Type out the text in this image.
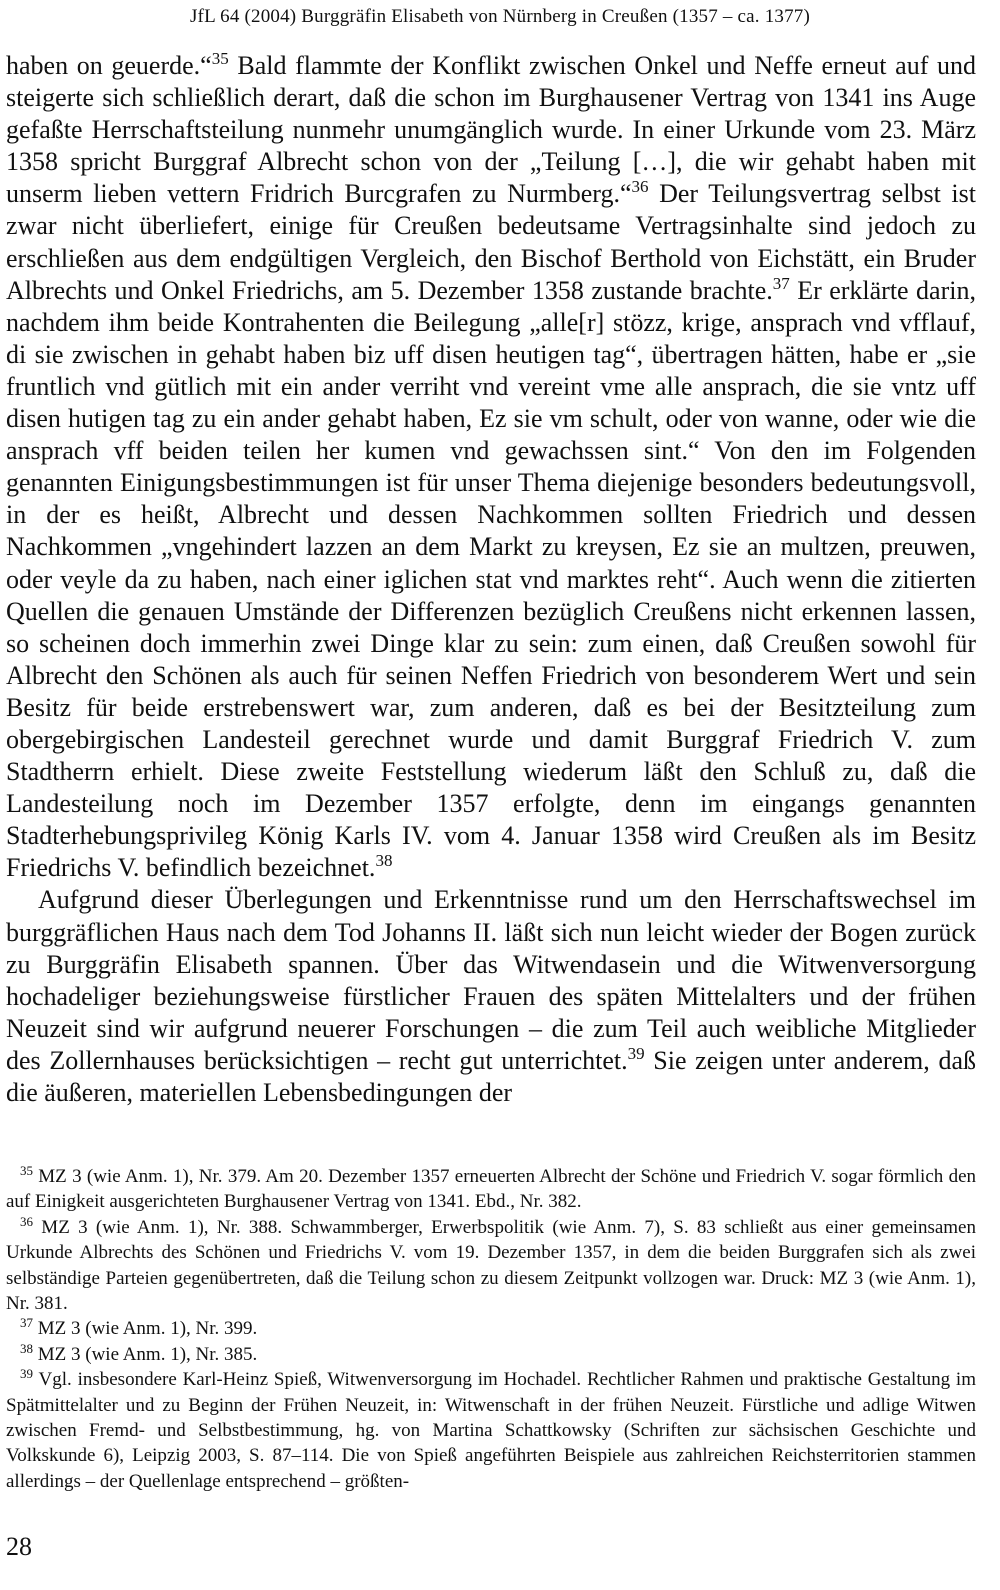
JfL 64 (2004) Burggräfin Elisabeth von Nürnberg in Creußen (1357 – ca. 1377)

haben on geuerde.“$^{35}$ Bald flammte der Konflikt zwischen Onkel und Neffe erneut auf und steigerte sich schließlich derart, daß die schon im Burghausener Vertrag von 1341 ins Auge gefaßte Herrschaftsteilung nunmehr unumgänglich wurde. In einer Urkunde vom 23. März 1358 spricht Burggraf Albrecht schon von der „Teilung […], die wir gehabt haben mit unserm lieben vettern Fridrich Burcgrafen zu Nurmberg.“$^{36}$ Der Teilungsvertrag selbst ist zwar nicht überliefert, einige für Creußen bedeutsame Vertragsinhalte sind jedoch zu erschließen aus dem endgültigen Vergleich, den Bischof Berthold von Eichstätt, ein Bruder Albrechts und Onkel Friedrichs, am 5. Dezember 1358 zustande brachte.$^{37}$ Er erklärte darin, nachdem ihm beide Kontrahenten die Beilegung „alle[r] stözz, krige, ansprach vnd vfflauf, di sie zwischen in gehabt haben biz uff disen heutigen tag“, übertragen hätten, habe er „sie fruntlich vnd gütlich mit ein ander verriht vnd vereint vme alle ansprach, die sie vntz uff disen hutigen tag zu ein ander gehabt haben, Ez sie vm schult, oder von wanne, oder wie die ansprach vff beiden teilen her kumen vnd gewachssen sint.“ Von den im Folgenden genannten Einigungsbestimmungen ist für unser Thema diejenige besonders bedeutungsvoll, in der es heißt, Albrecht und dessen Nachkommen sollten Friedrich und dessen Nachkommen „vngehindert lazzen an dem Markt zu kreysen, Ez sie an multzen, preuwen, oder veyle da zu haben, nach einer iglichen stat vnd marktes reht“. Auch wenn die zitierten Quellen die genauen Umstände der Differenzen bezüglich Creußens nicht erkennen lassen, so scheinen doch immerhin zwei Dinge klar zu sein: zum einen, daß Creußen sowohl für Albrecht den Schönen als auch für seinen Neffen Friedrich von besonderem Wert und sein Besitz für beide erstrebenswert war, zum anderen, daß es bei der Besitzteilung zum obergebirgischen Landesteil gerechnet wurde und damit Burggraf Friedrich V. zum Stadtherrn erhielt. Diese zweite Feststellung wiederum läßt den Schluß zu, daß die Landesteilung noch im Dezember 1357 erfolgte, denn im eingangs genannten Stadterhebungsprivileg König Karls IV. vom 4. Januar 1358 wird Creußen als im Besitz Friedrichs V. befindlich bezeichnet.$^{38}$

Aufgrund dieser Überlegungen und Erkenntnisse rund um den Herrschaftswechsel im burggräflichen Haus nach dem Tod Johanns II. läßt sich nun leicht wieder der Bogen zurück zu Burggräfin Elisabeth spannen. Über das Witwendasein und die Witwenversorgung hochadeliger beziehungsweise fürstlicher Frauen des späten Mittelalters und der frühen Neuzeit sind wir aufgrund neuerer Forschungen – die zum Teil auch weibliche Mitglieder des Zollernhauses berücksichtigen – recht gut unterrichtet.$^{39}$ Sie zeigen unter anderem, daß die äußeren, materiellen Lebensbedingungen der

$^{35}$ MZ 3 (wie Anm. 1), Nr. 379. Am 20. Dezember 1357 erneuerten Albrecht der Schöne und Friedrich V. sogar förmlich den auf Einigkeit ausgerichteten Burghausener Vertrag von 1341. Ebd., Nr. 382.

$^{36}$ MZ 3 (wie Anm. 1), Nr. 388. Schwammberger, Erwerbspolitik (wie Anm. 7), S. 83 schließt aus einer gemeinsamen Urkunde Albrechts des Schönen und Friedrichs V. vom 19. Dezember 1357, in dem die beiden Burggrafen sich als zwei selbständige Parteien gegenübertreten, daß die Teilung schon zu diesem Zeitpunkt vollzogen war. Druck: MZ 3 (wie Anm. 1), Nr. 381.

$^{37}$ MZ 3 (wie Anm. 1), Nr. 399.

$^{38}$ MZ 3 (wie Anm. 1), Nr. 385.

$^{39}$ Vgl. insbesondere Karl-Heinz Spieß, Witwenversorgung im Hochadel. Rechtlicher Rahmen und praktische Gestaltung im Spätmittelalter und zu Beginn der Frühen Neuzeit, in: Witwenschaft in der frühen Neuzeit. Fürstliche und adlige Witwen zwischen Fremd- und Selbstbestimmung, hg. von Martina Schattkowsky (Schriften zur sächsischen Geschichte und Volkskunde 6), Leipzig 2003, S. 87–114. Die von Spieß angeführten Beispiele aus zahlreichen Reichsterritorien stammen allerdings – der Quellenlage entsprechend – größten-

28
